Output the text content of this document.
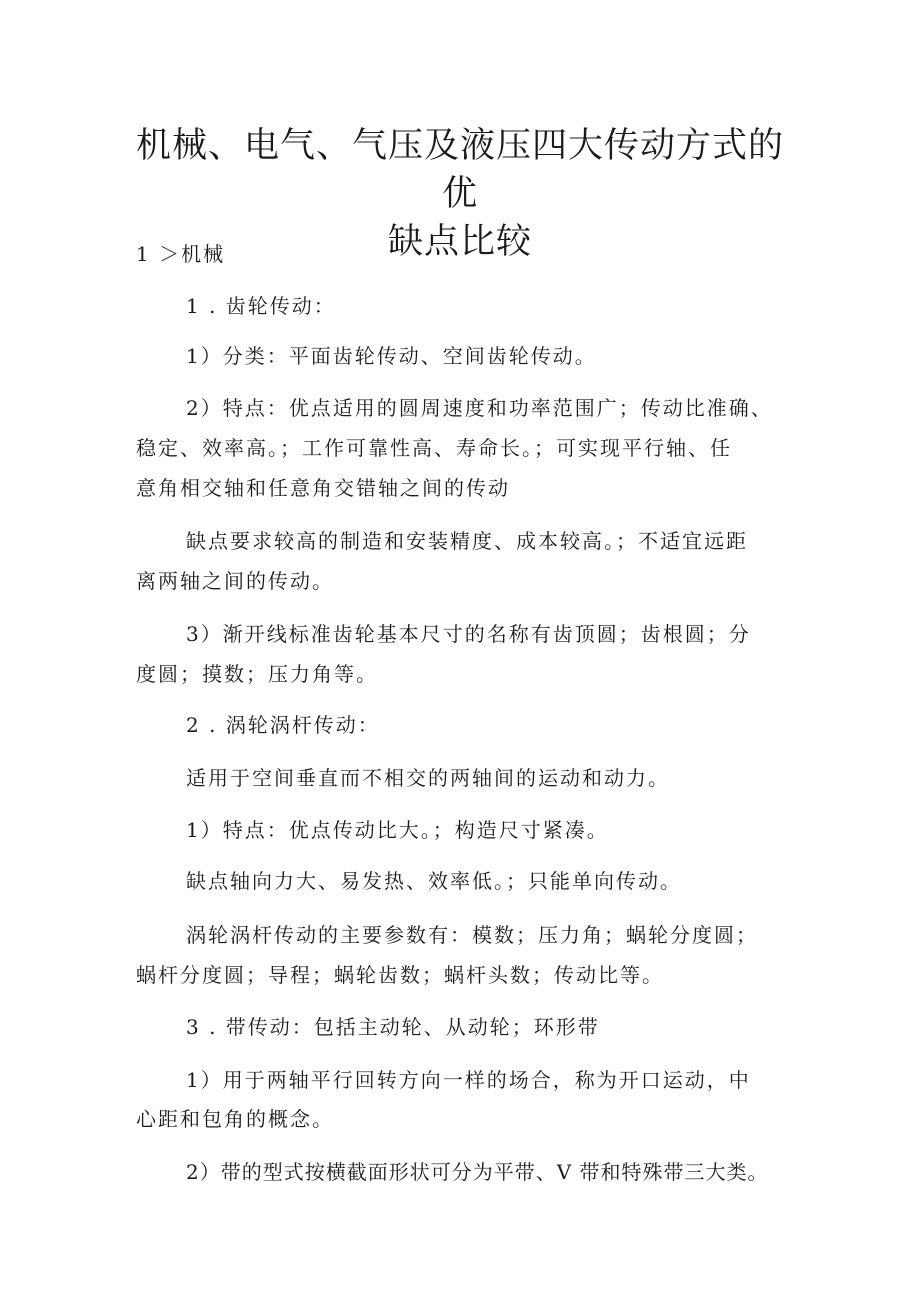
机械、电气、气压及液压四大传动方式的优
缺点比较
1 ＞机械
1 . 齿轮传动：
1）分类：平面齿轮传动、空间齿轮传动。
2）特点：优点适用的圆周速度和功率范围广；传动比准确、
稳定、效率高。；工作可靠性高、寿命长。；可实现平行轴、任
意角相交轴和任意角交错轴之间的传动
缺点要求较高的制造和安装精度、成本较高。；不适宜远距
离两轴之间的传动。
3）渐开线标准齿轮基本尺寸的名称有齿顶圆；齿根圆；分
度圆；摸数；压力角等。
2 . 涡轮涡杆传动：
适用于空间垂直而不相交的两轴间的运动和动力。
1）特点：优点传动比大。；构造尺寸紧凑。
缺点轴向力大、易发热、效率低。；只能单向传动。
涡轮涡杆传动的主要参数有：模数；压力角；蜗轮分度圆；
蜗杆分度圆；导程；蜗轮齿数；蜗杆头数；传动比等。
3 . 带传动：包括主动轮、从动轮；环形带
1）用于两轴平行回转方向一样的场合，称为开口运动，中
心距和包角的概念。
2）带的型式按横截面形状可分为平带、V 带和特殊带三大类。
